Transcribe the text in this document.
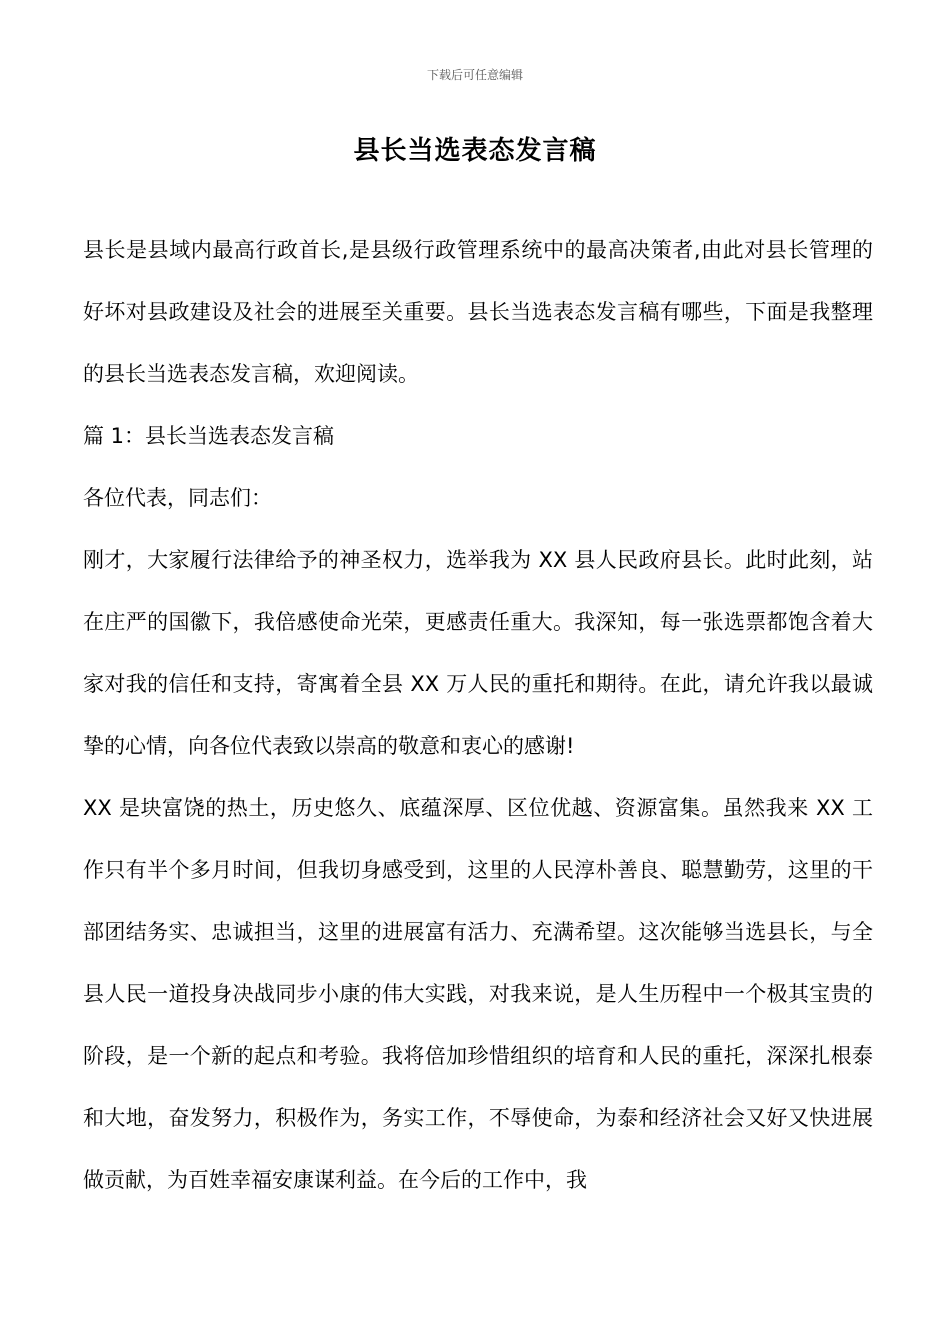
下载后可任意编辑
县长当选表态发言稿

县长是县域内最高行政首长,是县级行政管理系统中的最高决策者,由此对县长管理的好坏对县政建设及社会的进展至关重要。县长当选表态发言稿有哪些，下面是我整理的县长当选表态发言稿，欢迎阅读。

篇 1：县长当选表态发言稿

各位代表，同志们：

刚才，大家履行法律给予的神圣权力，选举我为 XX 县人民政府县长。此时此刻，站在庄严的国徽下，我倍感使命光荣，更感责任重大。我深知，每一张选票都饱含着大家对我的信任和支持，寄寓着全县 XX 万人民的重托和期待。在此，请允许我以最诚挚的心情，向各位代表致以崇高的敬意和衷心的感谢!

XX 是块富饶的热土，历史悠久、底蕴深厚、区位优越、资源富集。虽然我来 XX 工作只有半个多月时间，但我切身感受到，这里的人民淳朴善良、聪慧勤劳，这里的干部团结务实、忠诚担当，这里的进展富有活力、充满希望。这次能够当选县长，与全县人民一道投身决战同步小康的伟大实践，对我来说，是人生历程中一个极其宝贵的阶段，是一个新的起点和考验。我将倍加珍惜组织的培育和人民的重托，深深扎根泰和大地，奋发努力，积极作为，务实工作，不辱使命，为泰和经济社会又好又快进展做贡献，为百姓幸福安康谋利益。在今后的工作中，我
